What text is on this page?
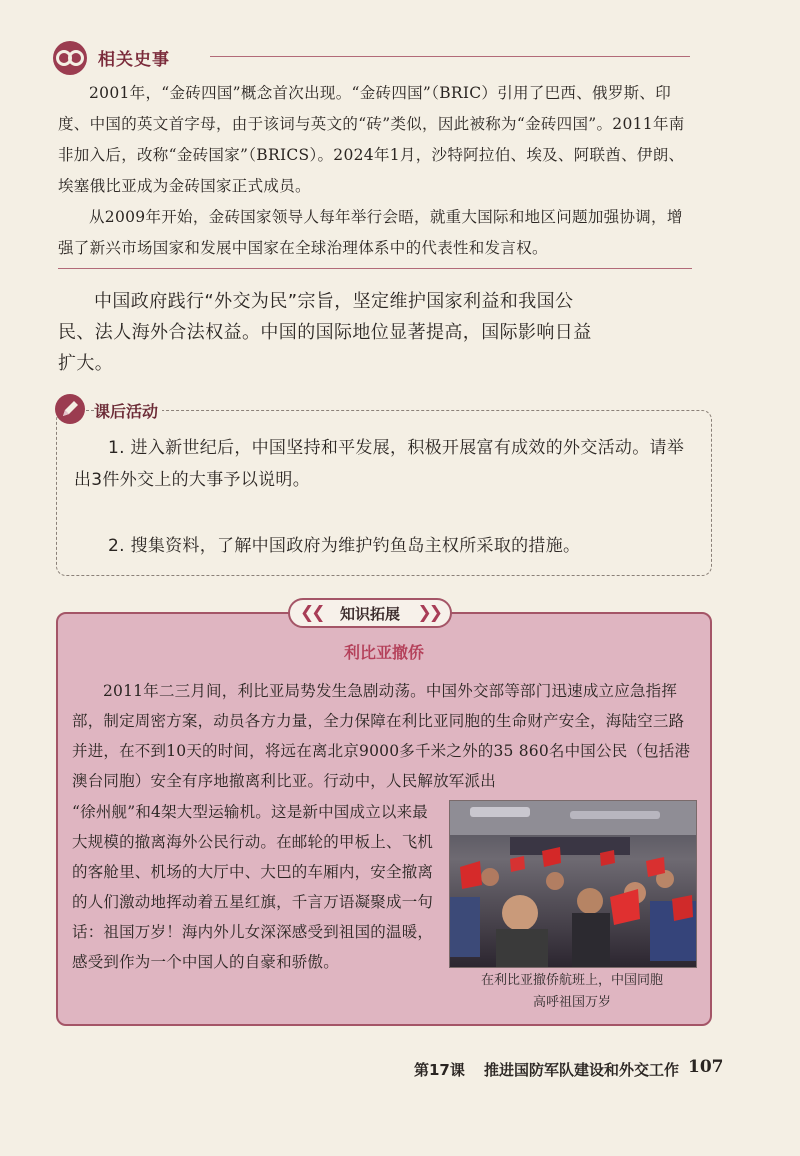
相关史事

2001年，“金砖四国”概念首次出现。“金砖四国”（BRIC）引用了巴西、俄罗斯、印度、中国的英文首字母，由于该词与英文的“砖”类似，因此被称为“金砖四国”。2011年南非加入后，改称“金砖国家”（BRICS）。2024年1月，沙特阿拉伯、埃及、阿联酋、伊朗、埃塞俄比亚成为金砖国家正式成员。

从2009年开始，金砖国家领导人每年举行会晤，就重大国际和地区问题加强协调，增强了新兴市场国家和发展中国家在全球治理体系中的代表性和发言权。

中国政府践行“外交为民”宗旨，坚定维护国家利益和我国公民、法人海外合法权益。中国的国际地位显著提高，国际影响日益扩大。

课后活动

1. 进入新世纪后，中国坚持和平发展，积极开展富有成效的外交活动。请举出3件外交上的大事予以说明。

2. 搜集资料，了解中国政府为维护钓鱼岛主权所采取的措施。

❮❮ 知识拓展 ❯❯
利比亚撤侨

2011年二三月间，利比亚局势发生急剧动荡。中国外交部等部门迅速成立应急指挥部，制定周密方案，动员各方力量，全力保障在利比亚同胞的生命财产安全，海陆空三路并进，在不到10天的时间，将远在离北京9000多千米之外的35 860名中国公民（包括港澳台同胞）安全有序地撤离利比亚。行动中，人民解放军派出

“徐州舰”和4架大型运输机。这是新中国成立以来最大规模的撤离海外公民行动。在邮轮的甲板上、飞机的客舱里、机场的大厅中、大巴的车厢内，安全撤离的人们激动地挥动着五星红旗，千言万语凝聚成一句话：祖国万岁！海内外儿女深深感受到祖国的温暖，感受到作为一个中国人的自豪和骄傲。

在利比亚撤侨航班上，中国同胞
高呼祖国万岁
第17课 推进国防军队建设和外交工作 107
